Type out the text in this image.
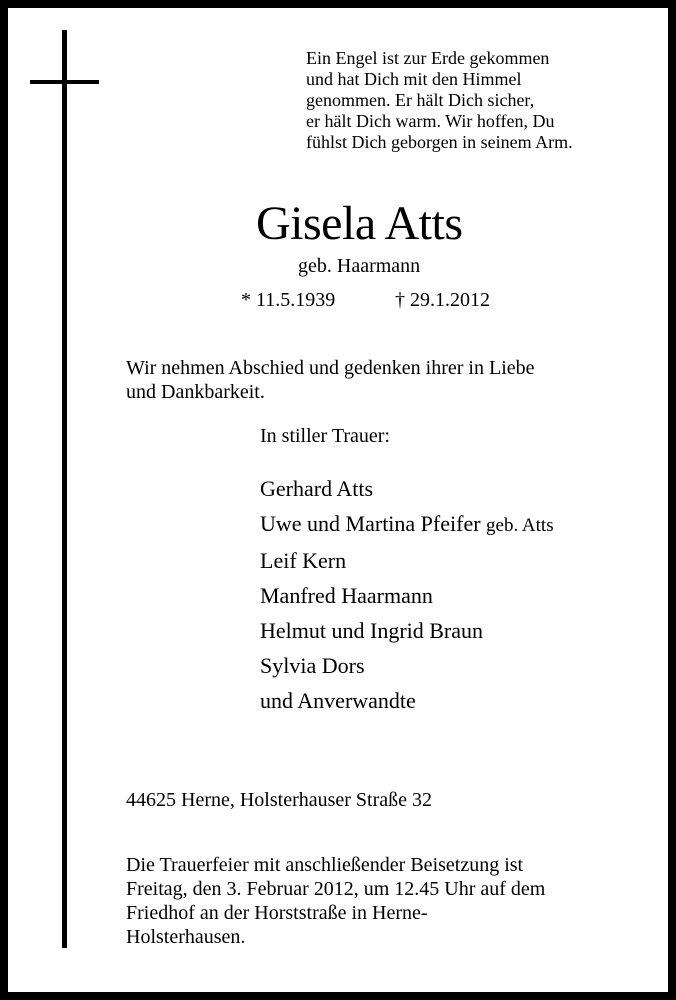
Ein Engel ist zur Erde gekommen
und hat Dich mit den Himmel
genommen. Er hält Dich sicher,
er hält Dich warm. Wir hoffen, Du
fühlst Dich geborgen in seinem Arm.
Gisela Atts
geb. Haarmann
* 11.5.1939	† 29.1.2012
Wir nehmen Abschied und gedenken ihrer in Liebe
und Dankbarkeit.
In stiller Trauer:
Gerhard Atts
Uwe und Martina Pfeifer geb. Atts
Leif Kern
Manfred Haarmann
Helmut und Ingrid Braun
Sylvia Dors
und Anverwandte
44625 Herne, Holsterhauser Straße 32
Die Trauerfeier mit anschließender Beisetzung ist
Freitag, den 3. Februar 2012, um 12.45 Uhr auf dem
Friedhof an der Horststraße in Herne-
Holsterhausen.
